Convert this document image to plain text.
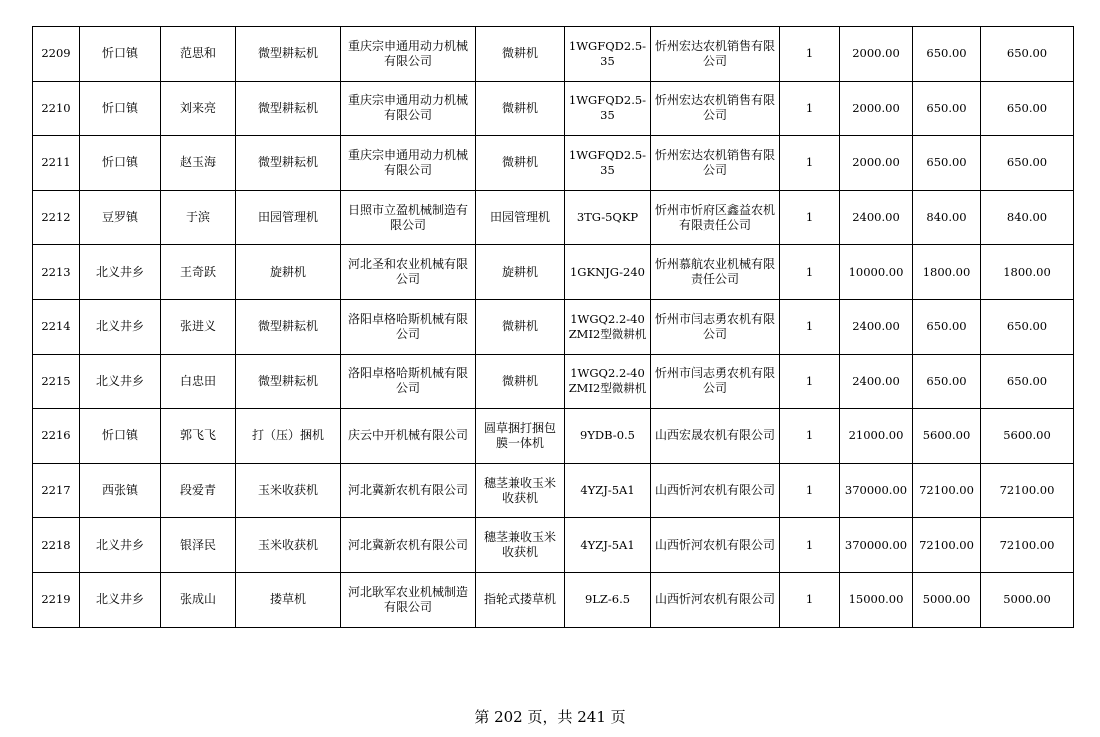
2209	忻口镇	范思和	微型耕耘机	重庆宗申通用动力机械有限公司	微耕机	1WGFQD2.5-35	忻州宏达农机销售有限公司	1	2000.00	650.00	650.00
2210	忻口镇	刘来亮	微型耕耘机	重庆宗申通用动力机械有限公司	微耕机	1WGFQD2.5-35	忻州宏达农机销售有限公司	1	2000.00	650.00	650.00
2211	忻口镇	赵玉海	微型耕耘机	重庆宗申通用动力机械有限公司	微耕机	1WGFQD2.5-35	忻州宏达农机销售有限公司	1	2000.00	650.00	650.00
2212	豆罗镇	于滨	田园管理机	日照市立盈机械制造有限公司	田园管理机	3TG-5QKP	忻州市忻府区鑫益农机有限责任公司	1	2400.00	840.00	840.00
2213	北义井乡	王奇跃	旋耕机	河北圣和农业机械有限公司	旋耕机	1GKNJG-240	忻州慕航农业机械有限责任公司	1	10000.00	1800.00	1800.00
2214	北义井乡	张进义	微型耕耘机	洛阳卓格哈斯机械有限公司	微耕机	1WGQ2.2-40ZMI2型微耕机	忻州市闫志勇农机有限公司	1	2400.00	650.00	650.00
2215	北义井乡	白忠田	微型耕耘机	洛阳卓格哈斯机械有限公司	微耕机	1WGQ2.2-40ZMI2型微耕机	忻州市闫志勇农机有限公司	1	2400.00	650.00	650.00
2216	忻口镇	郭飞飞	打（压）捆机	庆云中开机械有限公司	圆草捆打捆包膜一体机	9YDB-0.5	山西宏晟农机有限公司	1	21000.00	5600.00	5600.00
2217	西张镇	段爱青	玉米收获机	河北冀新农机有限公司	穗茎兼收玉米收获机	4YZJ-5A1	山西忻河农机有限公司	1	370000.00	72100.00	72100.00
2218	北义井乡	银泽民	玉米收获机	河北冀新农机有限公司	穗茎兼收玉米收获机	4YZJ-5A1	山西忻河农机有限公司	1	370000.00	72100.00	72100.00
2219	北义井乡	张成山	搂草机	河北耿军农业机械制造有限公司	指轮式搂草机	9LZ-6.5	山西忻河农机有限公司	1	15000.00	5000.00	5000.00
第 202 页，共 241 页
